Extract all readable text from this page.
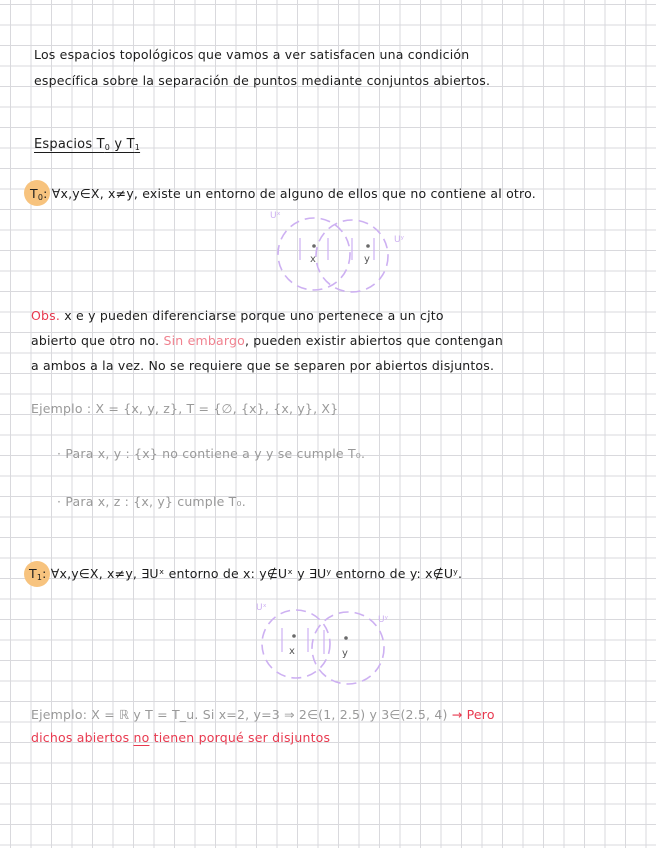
Los espacios topológicos que vamos a ver satisfacen una condición
específica sobre la separación de puntos mediante conjuntos abiertos.
Espacios $T_0$ y $T_1$
$T_0$: ∀x,y∈X, x≠y, existe un entorno de alguno de ellos que no contiene al otro.
x	y
Uˣ
Uʸ
Obs. x e y pueden diferenciarse porque uno pertenece a un cjto
abierto que otro no. Sin embargo, pueden existir abiertos que contengan
a ambos a la vez. No se requiere que se separen por abiertos disjuntos.
Ejemplo : X = {x, y, z}, T = {∅, {x}, {x, y}, X}
· Para x, y : {x} no contiene a y y se cumple T₀.
· Para x, z : {x, y} cumple T₀.
$T_1$: ∀x,y∈X, x≠y, ∃Uˣ entorno de x: y∉Uˣ y ∃Uʸ entorno de y: x∉Uʸ.
x	y
Uˣ
Uʸ
Ejemplo: X = ℝ y T = T_u. Si x=2, y=3 ⇒ 2∈(1, 2.5) y 3∈(2.5, 4) → Pero
dichos abiertos no tienen porqué ser disjuntos
